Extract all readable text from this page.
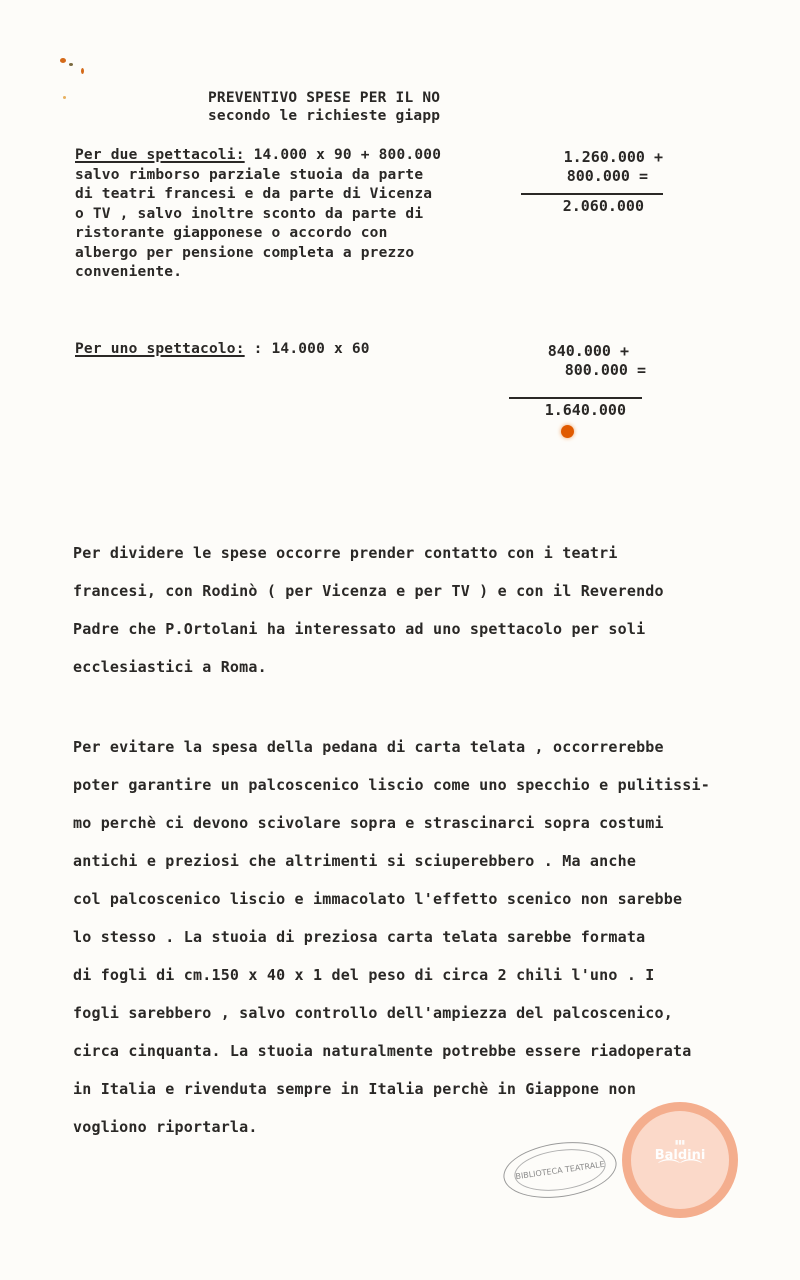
PREVENTIVO SPESE PER IL NO
secondo le richieste giapp
Per due spettacoli: 14.000 x 90 + 800.000
salvo rimborso parziale stuoia da parte
di teatri francesi e da parte di Vicenza
o TV , salvo inoltre sconto da parte di
ristorante giapponese o accordo con
albergo per pensione completa a prezzo
conveniente.
1.260.000 +
800.000 =
2.060.000
Per uno spettacolo: : 14.000 x 60	840.000 +
800.000 =
1.640.000
Per dividere le spese occorre prender contatto con i teatri
francesi, con Rodinò ( per Vicenza e per TV ) e con il Reverendo
Padre che P.Ortolani ha interessato ad uno spettacolo per soli
ecclesiastici a Roma.
Per evitare la spesa della pedana di carta telata , occorrerebbe
poter garantire un palcoscenico liscio come uno specchio e pulitissi-
mo perchè ci devono scivolare sopra e strascinarci sopra costumi
antichi e preziosi che altrimenti si sciuperebbero . Ma anche
col palcoscenico liscio e immacolato l'effetto scenico non sarebbe
lo stesso . La stuoia di preziosa carta telata sarebbe formata
di fogli di cm.150 x 40 x 1 del peso di circa 2 chili l'uno . I
fogli sarebbero , salvo controllo dell'ampiezza del palcoscenico,
circa cinquanta. La stuoia naturalmente potrebbe essere riadoperata
in Italia e rivenduta sempre in Italia perchè in Giappone non
vogliono riportarla.
BIBLIOTECA TEATRALE
▮▮▮
Baldini
⌒⌒
